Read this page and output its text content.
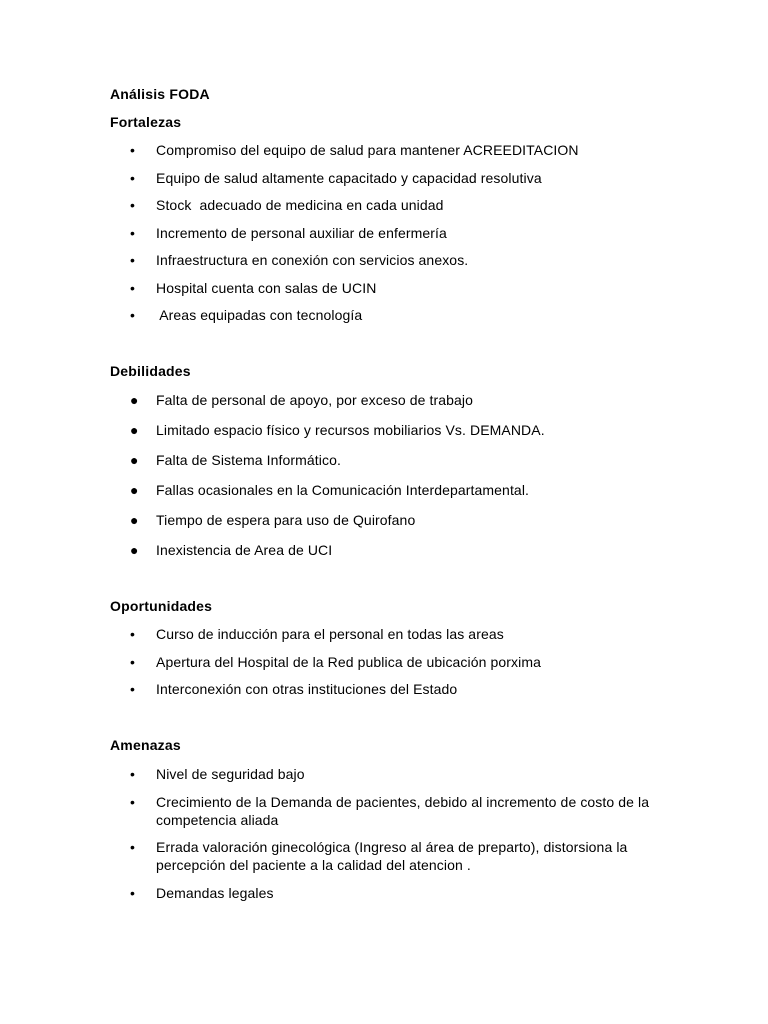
Análisis FODA
Fortalezas
•	Compromiso del equipo de salud para mantener ACREEDITACION
•	Equipo de salud altamente capacitado y capacidad resolutiva
•	Stock  adecuado de medicina en cada unidad
•	Incremento de personal auxiliar de enfermería
•	Infraestructura en conexión con servicios anexos.
•	Hospital cuenta con salas de UCIN
•	Areas equipadas con tecnología
Debilidades
● Falta de personal de apoyo, por exceso de trabajo
● Limitado espacio físico y recursos mobiliarios Vs. DEMANDA.
● Falta de Sistema Informático.
● Fallas ocasionales en la Comunicación Interdepartamental.
● Tiempo de espera para uso de Quirofano
● Inexistencia de Area de UCI
Oportunidades
•	Curso de inducción para el personal en todas las areas
•	Apertura del Hospital de la Red publica de ubicación porxima
•	Interconexión con otras instituciones del Estado
Amenazas
•	Nivel de seguridad bajo
•	Crecimiento de la Demanda de pacientes, debido al incremento de costo de la competencia aliada
•	Errada valoración ginecológica (Ingreso al área de preparto), distorsiona la percepción del paciente a la calidad del atencion .
•	Demandas legales
